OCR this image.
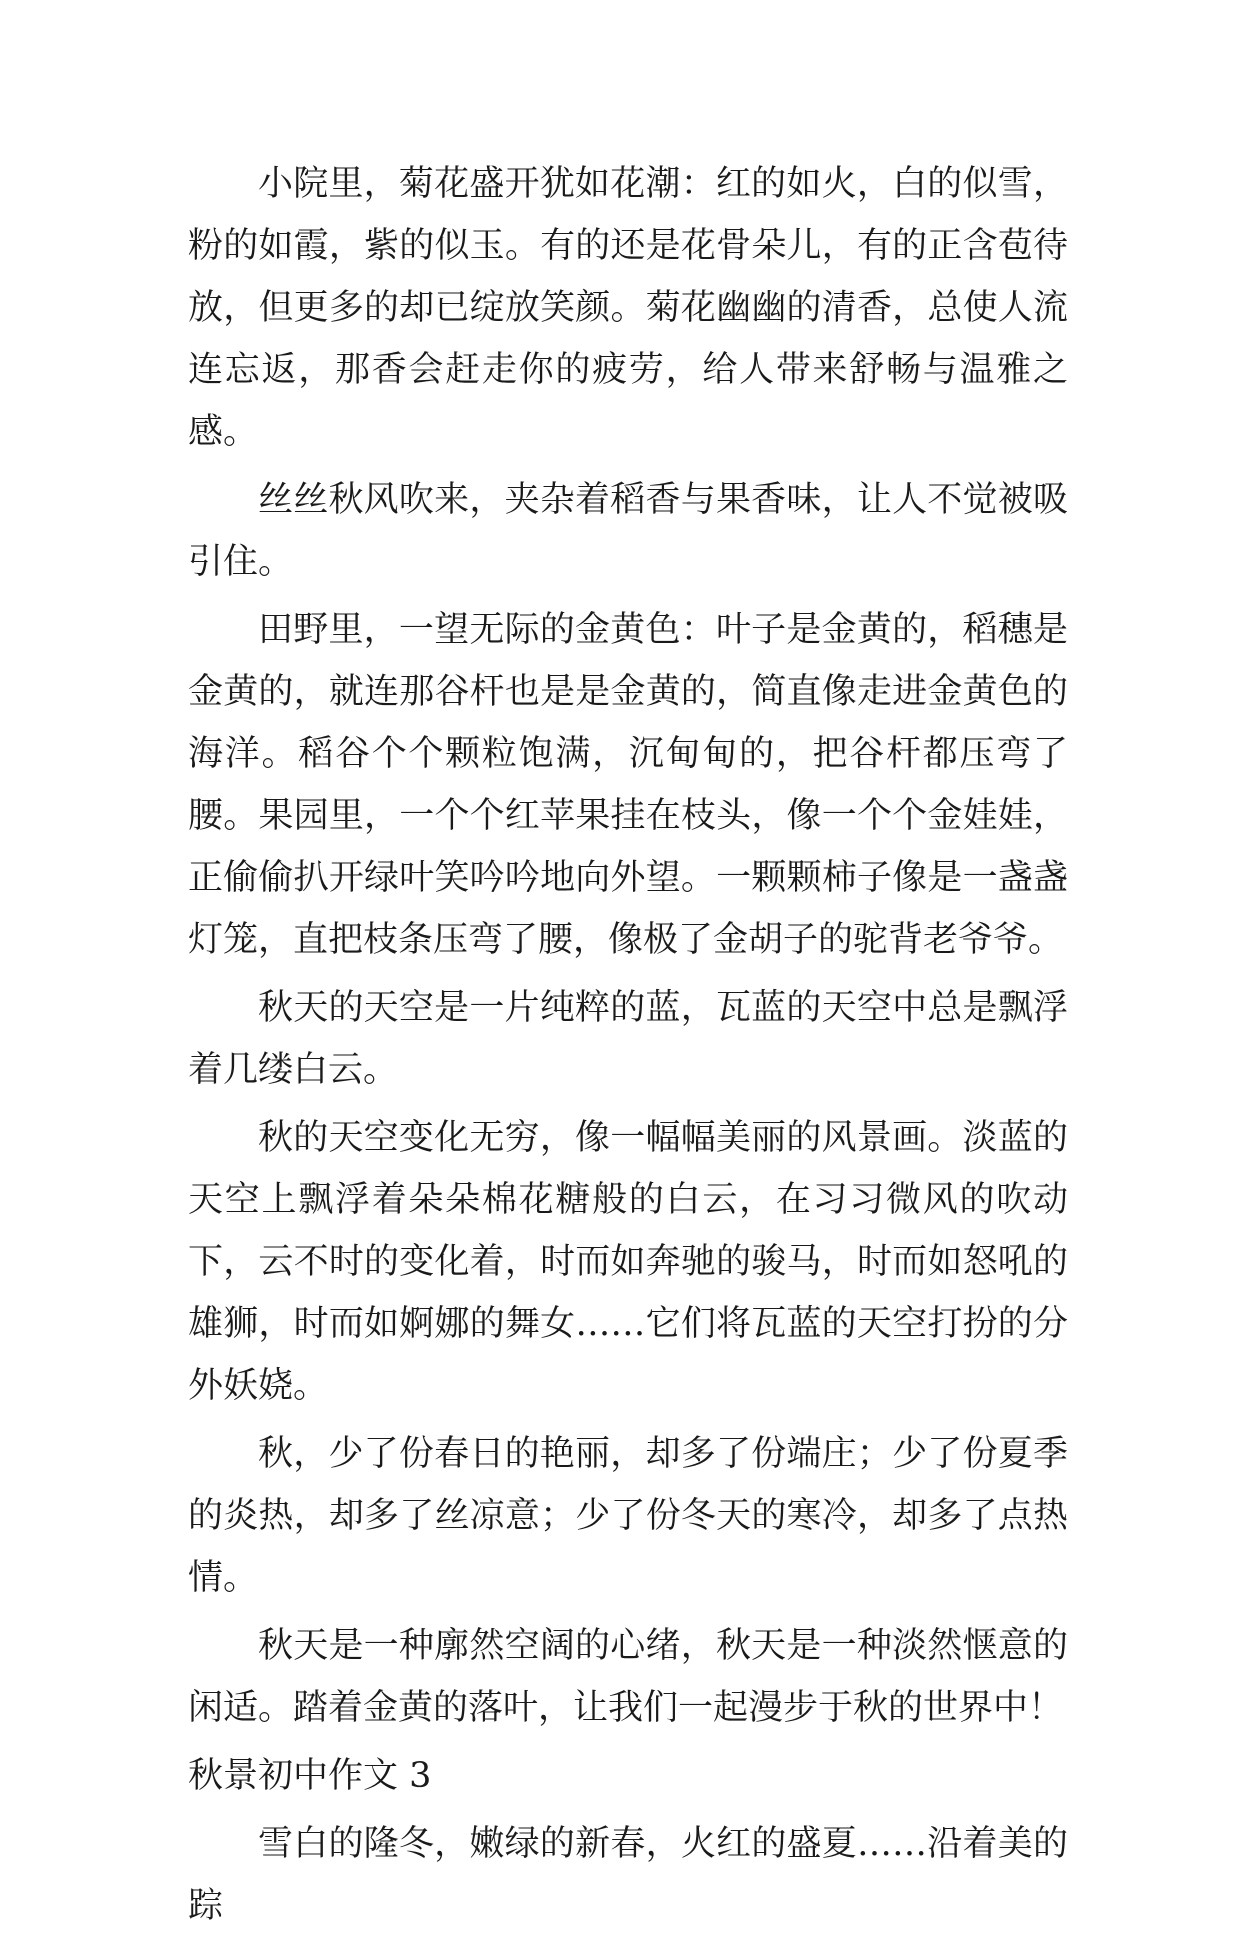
小院里，菊花盛开犹如花潮：红的如火，白的似雪，粉的如霞，紫的似玉。有的还是花骨朵儿，有的正含苞待放，但更多的却已绽放笑颜。菊花幽幽的清香，总使人流连忘返，那香会赶走你的疲劳，给人带来舒畅与温雅之感。

丝丝秋风吹来，夹杂着稻香与果香味，让人不觉被吸引住。

田野里，一望无际的金黄色：叶子是金黄的，稻穗是金黄的，就连那谷杆也是是金黄的，简直像走进金黄色的海洋。稻谷个个颗粒饱满，沉甸甸的，把谷杆都压弯了腰。果园里，一个个红苹果挂在枝头，像一个个金娃娃，正偷偷扒开绿叶笑吟吟地向外望。一颗颗柿子像是一盏盏灯笼，直把枝条压弯了腰，像极了金胡子的驼背老爷爷。

秋天的天空是一片纯粹的蓝，瓦蓝的天空中总是飘浮着几缕白云。

秋的天空变化无穷，像一幅幅美丽的风景画。淡蓝的天空上飘浮着朵朵棉花糖般的白云，在习习微风的吹动下，云不时的变化着，时而如奔驰的骏马，时而如怒吼的雄狮，时而如婀娜的舞女……它们将瓦蓝的天空打扮的分外妖娆。

秋，少了份春日的艳丽，却多了份端庄；少了份夏季的炎热，却多了丝凉意；少了份冬天的寒冷，却多了点热情。

秋天是一种廓然空阔的心绪，秋天是一种淡然惬意的闲适。踏着金黄的落叶，让我们一起漫步于秋的世界中！

秋景初中作文 3

雪白的隆冬，嫩绿的新春，火红的盛夏……沿着美的踪
